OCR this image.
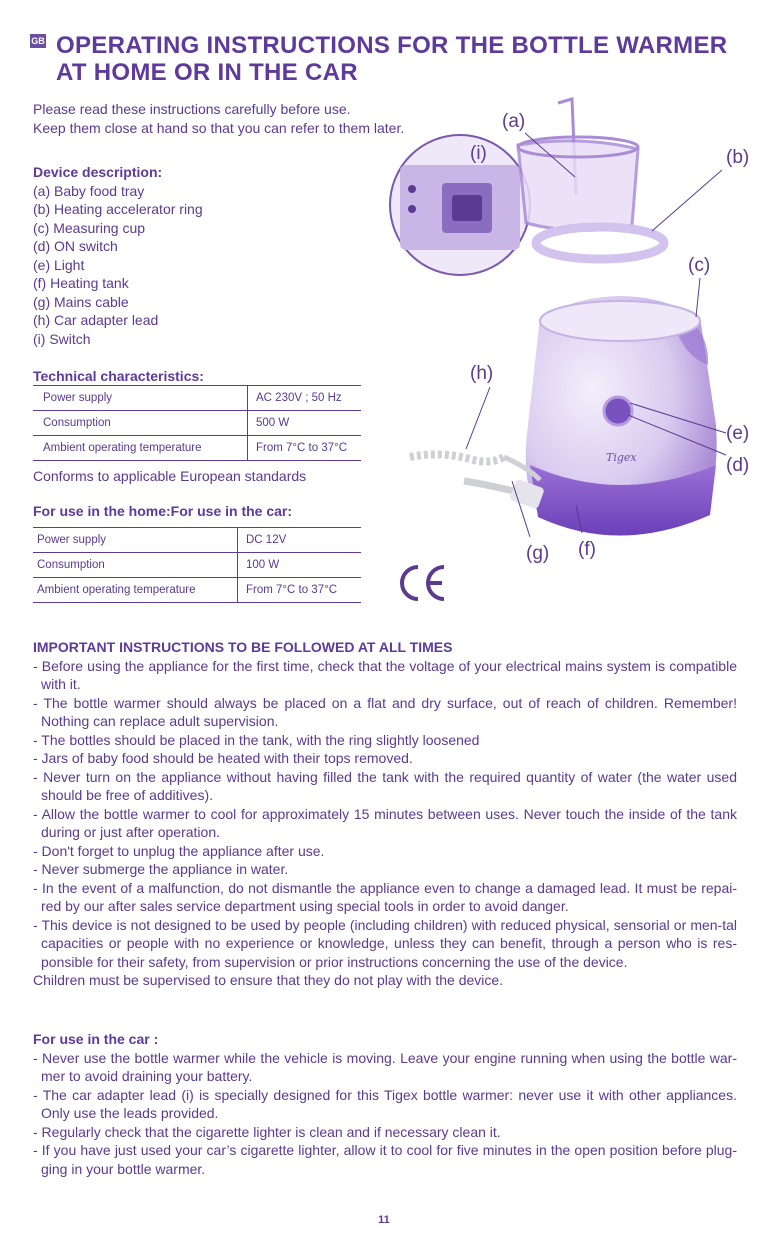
GB OPERATING INSTRUCTIONS FOR THE BOTTLE WARMER
AT HOME OR IN THE CAR
Please read these instructions carefully before use.
Keep them close at hand so that you can refer to them later.
Device description:
(a) Baby food tray
(b) Heating accelerator ring
(c) Measuring cup
(d) ON switch
(e) Light
(f) Heating tank
(g) Mains cable
(h) Car adapter lead
(i) Switch
Technical characteristics:
Power supply	AC 230V ; 50 Hz
Consumption	500 W
Ambient operating temperature	From 7°C to 37°C
Conforms to applicable European standards
For use in the home:For use in the car:
Power supply	DC 12V
Consumption	100 W
Ambient operating temperature	From 7°C to 37°C
Tigex
(a)
(b)
(c)
(d)
(e)
(f)
(g)
(h)
(i)
IMPORTANT INSTRUCTIONS TO BE FOLLOWED AT ALL TIMES
- Before using the appliance for the first time, check that the voltage of your electrical mains system is compatible with it.
- The bottle warmer should always be placed on a flat and dry surface, out of reach of children. Remember! Nothing can replace adult supervision.
- The bottles should be placed in the tank, with the ring slightly loosened
- Jars of baby food should be heated with their tops removed.
- Never turn on the appliance without having filled the tank with the required quantity of water (the water used should be free of additives).
- Allow the bottle warmer to cool for approximately 15 minutes between uses. Never touch the inside of the tank during or just after operation.
- Don't forget to unplug the appliance after use.
- Never submerge the appliance in water.
- In the event of a malfunction, do not dismantle the appliance even to change a damaged lead. It must be repai-red by our after sales service department using special tools in order to avoid danger.
- This device is not designed to be used by people (including children) with reduced physical, sensorial or men-tal capacities or people with no experience or knowledge, unless they can benefit, through a person who is res-ponsible for their safety, from supervision or prior instructions concerning the use of the device.
Children must be supervised to ensure that they do not play with the device.
For use in the car :
- Never use the bottle warmer while the vehicle is moving. Leave your engine running when using the bottle war-mer to avoid draining your battery.
- The car adapter lead (i) is specially designed for this Tigex bottle warmer: never use it with other appliances. Only use the leads provided.
- Regularly check that the cigarette lighter is clean and if necessary clean it.
- If you have just used your car’s cigarette lighter, allow it to cool for five minutes in the open position before plug-ging in your bottle warmer.
11
